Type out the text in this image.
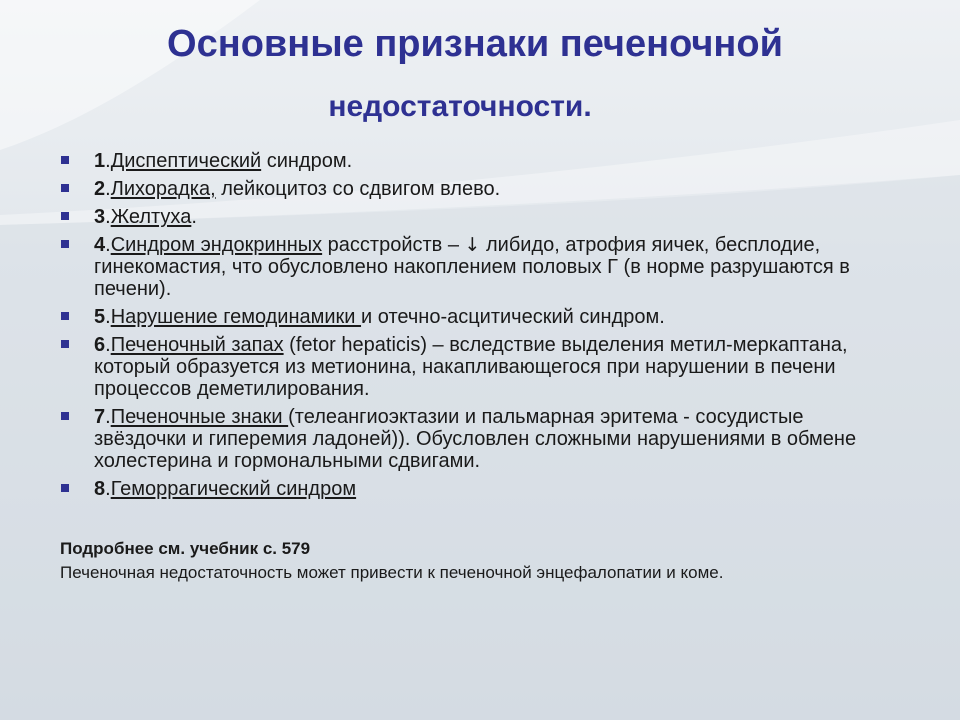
Основные признаки печеночной
недостаточности.
1.Диспептический синдром.
2.Лихорадка, лейкоцитоз со сдвигом влево.
3.Желтуха.
4.Синдром эндокринных расстройств – ↓ либидо, атрофия яичек, бесплодие, гинекомастия, что обусловлено накоплением половых Г (в норме разрушаются в печени).
5.Нарушение гемодинамики и отечно-асцитический синдром.
6.Печеночный запах (fetor hepaticis) – вследствие выделения метил-меркаптана, который образуется из метионина, накапливающегося при нарушении в печени процессов деметилирования.
7.Печеночные знаки (телеангиоэктазии и пальмарная эритема - сосудистые звёздочки и гиперемия ладоней)). Обусловлен сложными нарушениями в обмене холестерина и гормональными сдвигами.
8.Геморрагический синдром
Подробнее см. учебник с. 579
Печеночная недостаточность может привести к печеночной энцефалопатии и коме.
